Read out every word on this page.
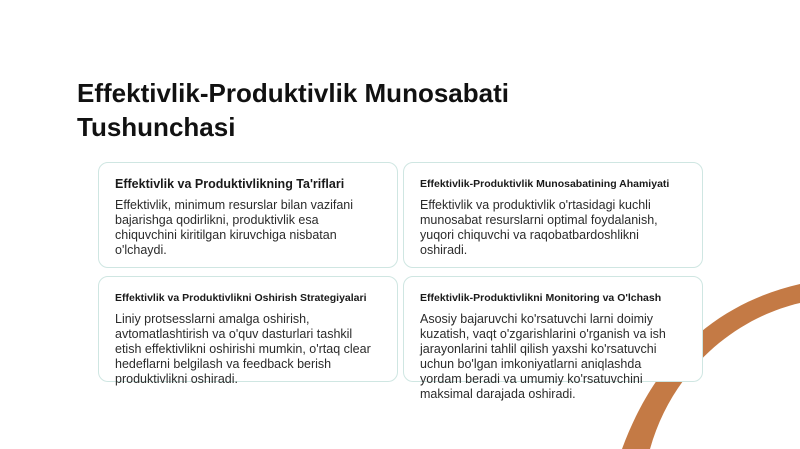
Effektivlik-Produktivlik Munosabati Tushunchasi
Effektivlik va Produktivlikning Ta'riflari

Effektivlik, minimum resurslar bilan vazifani bajarishga qodirlikni, produktivlik esa chiquvchini kiritilgan kiruvchiga nisbatan o'lchaydi.

Effektivlik-Produktivlik Munosabatining Ahamiyati

Effektivlik va produktivlik o'rtasidagi kuchli munosabat resurslarni optimal foydalanish, yuqori chiquvchi va raqobatbardoshlikni oshiradi.

Effektivlik va Produktivlikni Oshirish Strategiyalari

Liniy protsesslarni amalga oshirish, avtomatlashtirish va o'quv dasturlari tashkil etish effektivlikni oshirishi mumkin, o'rtaq clear hedeflarni belgilash va feedback berish produktivlikni oshiradi.

Effektivlik-Produktivlikni Monitoring va O'lchash

Asosiy bajaruvchi ko'rsatuvchi larni doimiy kuzatish, vaqt o'zgarishlarini o'rganish va ish jarayonlarini tahlil qilish yaxshi ko'rsatuvchi uchun bo'lgan imkoniyatlarni aniqlashda yordam beradi va umumiy ko'rsatuvchini maksimal darajada oshiradi.
